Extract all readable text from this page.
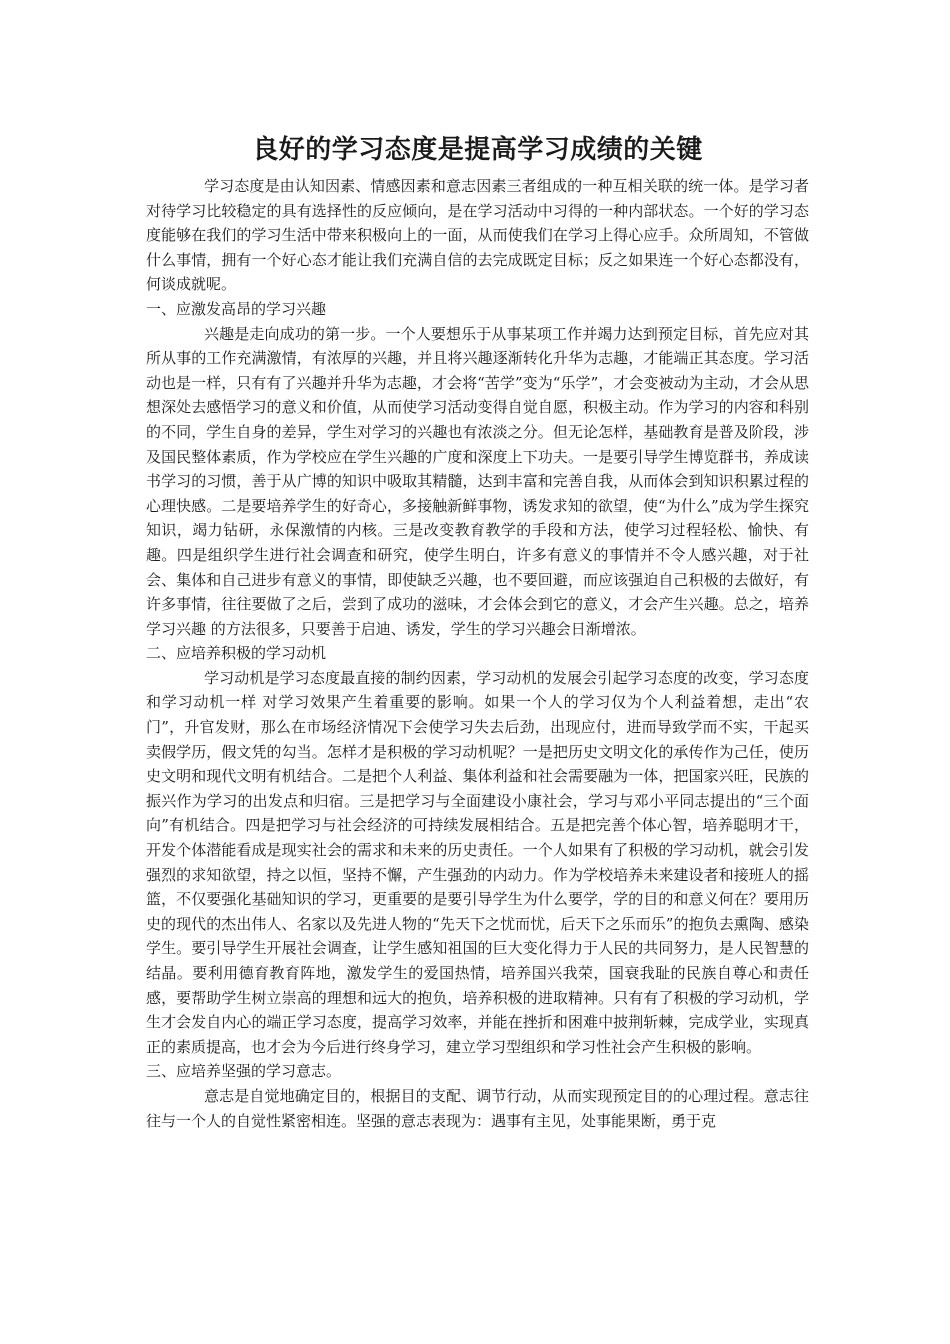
良好的学习态度是提高学习成绩的关键

学习态度是由认知因素、情感因素和意志因素三者组成的一种互相关联的统一体。是学习者对待学习比较稳定的具有选择性的反应倾向，是在学习活动中习得的一种内部状态。一个好的学习态度能够在我们的学习生活中带来积极向上的一面，从而使我们在学习上得心应手。众所周知，不管做什么事情，拥有一个好心态才能让我们充满自信的去完成既定目标；反之如果连一个好心态都没有，何谈成就呢。

一、应激发高昂的学习兴趣

兴趣是走向成功的第一步。一个人要想乐于从事某项工作并竭力达到预定目标，首先应对其所从事的工作充满激情，有浓厚的兴趣，并且将兴趣逐渐转化升华为志趣，才能端正其态度。学习活动也是一样，只有有了兴趣并升华为志趣，才会将“苦学”变为“乐学”，才会变被动为主动，才会从思想深处去感悟学习的意义和价值，从而使学习活动变得自觉自愿，积极主动。作为学习的内容和科别的不同，学生自身的差异，学生对学习的兴趣也有浓淡之分。但无论怎样，基础教育是普及阶段，涉及国民整体素质，作为学校应在学生兴趣的广度和深度上下功夫。一是要引导学生博览群书，养成读书学习的习惯，善于从广博的知识中吸取其精髓，达到丰富和完善自我，从而体会到知识积累过程的心理快感。二是要培养学生的好奇心，多接触新鲜事物，诱发求知的欲望，使“为什么”成为学生探究知识，竭力钻研，永保激情的内核。三是改变教育教学的手段和方法，使学习过程轻松、愉快、有趣。四是组织学生进行社会调查和研究，使学生明白，许多有意义的事情并不令人感兴趣，对于社会、集体和自己进步有意义的事情，即使缺乏兴趣，也不要回避，而应该强迫自己积极的去做好，有许多事情，往往要做了之后，尝到了成功的滋味，才会体会到它的意义，才会产生兴趣。总之，培养学习兴趣 的方法很多，只要善于启迪、诱发，学生的学习兴趣会日渐增浓。

二、应培养积极的学习动机

学习动机是学习态度最直接的制约因素，学习动机的发展会引起学习态度的改变，学习态度和学习动机一样 对学习效果产生着重要的影响。如果一个人的学习仅为个人利益着想，走出“农门”，升官发财，那么在市场经济情况下会使学习失去后劲，出现应付，进而导致学而不实，干起买卖假学历，假文凭的勾当。怎样才是积极的学习动机呢？一是把历史文明文化的承传作为己任，使历史文明和现代文明有机结合。二是把个人利益、集体利益和社会需要融为一体，把国家兴旺，民族的振兴作为学习的出发点和归宿。三是把学习与全面建设小康社会，学习与邓小平同志提出的“三个面向”有机结合。四是把学习与社会经济的可持续发展相结合。五是把完善个体心智，培养聪明才干，开发个体潜能看成是现实社会的需求和未来的历史责任。一个人如果有了积极的学习动机，就会引发强烈的求知欲望，持之以恒，坚持不懈，产生强劲的内动力。作为学校培养未来建设者和接班人的摇篮，不仅要强化基础知识的学习，更重要的是要引导学生为什么要学，学的目的和意义何在？要用历史的现代的杰出伟人、名家以及先进人物的“先天下之忧而忧，后天下之乐而乐”的抱负去熏陶、感染学生。要引导学生开展社会调查，让学生感知祖国的巨大变化得力于人民的共同努力，是人民智慧的结晶。要利用德育教育阵地，激发学生的爱国热情，培养国兴我荣，国衰我耻的民族自尊心和责任感，要帮助学生树立崇高的理想和远大的抱负，培养积极的进取精神。只有有了积极的学习动机，学生才会发自内心的端正学习态度，提高学习效率，并能在挫折和困难中披荆斩棘，完成学业，实现真正的素质提高，也才会为今后进行终身学习，建立学习型组织和学习性社会产生积极的影响。

三、应培养坚强的学习意志。

意志是自觉地确定目的，根据目的支配、调节行动，从而实现预定目的的心理过程。意志往往与一个人的自觉性紧密相连。坚强的意志表现为：遇事有主见，处事能果断，勇于克
